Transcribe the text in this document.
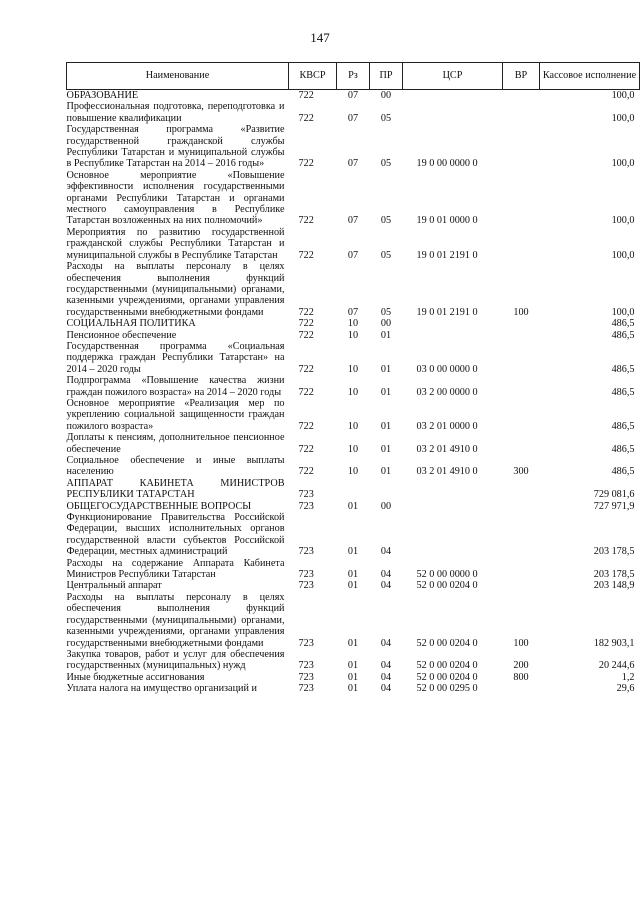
147
Наименование	КВСР	Рз	ПР	ЦСР	ВР	Кассовое исполнение
ОБРАЗОВАНИЕ	722	07	00			100,0
Профессиональная подготовка, переподготовка и повышение квалификации	722	07	05			100,0
Государственная программа «Развитие государственной гражданской службы Республики Татарстан и муниципальной службы в Республике Татарстан на 2014 – 2016 годы»	722	07	05	19 0 00 0000 0		100,0
Основное мероприятие «Повышение эффективности исполнения государственными органами Республики Татарстан и органами местного самоуправления в Республике Татарстан возложенных на них полномочий»	722	07	05	19 0 01 0000 0		100,0
Мероприятия по развитию государственной гражданской службы Республики Татарстан и муниципальной службы в Республике Татарстан	722	07	05	19 0 01 2191 0		100,0
Расходы на выплаты персоналу в целях обеспечения выполнения функций государственными (муниципальными) органами, казенными учреждениями, органами управления государственными внебюджетными фондами	722	07	05	19 0 01 2191 0	100	100,0
СОЦИАЛЬНАЯ ПОЛИТИКА	722	10	00			486,5
Пенсионное обеспечение	722	10	01			486,5
Государственная программа «Социальная поддержка граждан Республики Татарстан» на 2014 – 2020 годы	722	10	01	03 0 00 0000 0		486,5
Подпрограмма «Повышение качества жизни граждан пожилого возраста» на 2014 – 2020 годы	722	10	01	03 2 00 0000 0		486,5
Основное мероприятие «Реализация мер по укреплению социальной защищенности граждан пожилого возраста»	722	10	01	03 2 01 0000 0		486,5
Доплаты к пенсиям, дополнительное пенсионное обеспечение	722	10	01	03 2 01 4910 0		486,5
Социальное обеспечение и иные выплаты населению	722	10	01	03 2 01 4910 0	300	486,5
АППАРАТ КАБИНЕТА МИНИСТРОВ РЕСПУБЛИКИ ТАТАРСТАН	723					729 081,6
ОБЩЕГОСУДАРСТВЕННЫЕ ВОПРОСЫ	723	01	00			727 971,9
Функционирование Правительства Российской Федерации, высших исполнительных органов государственной власти субъектов Российской Федерации, местных администраций	723	01	04			203 178,5
Расходы на содержание Аппарата Кабинета Министров Республики Татарстан	723	01	04	52 0 00 0000 0		203 178,5
Центральный аппарат	723	01	04	52 0 00 0204 0		203 148,9
Расходы на выплаты персоналу в целях обеспечения выполнения функций государственными (муниципальными) органами, казенными учреждениями, органами управления государственными внебюджетными фондами	723	01	04	52 0 00 0204 0	100	182 903,1
Закупка товаров, работ и услуг для обеспечения государственных (муниципальных) нужд	723	01	04	52 0 00 0204 0	200	20 244,6
Иные бюджетные ассигнования	723	01	04	52 0 00 0204 0	800	1,2
Уплата налога на имущество организаций и	723	01	04	52 0 00 0295 0		29,6
